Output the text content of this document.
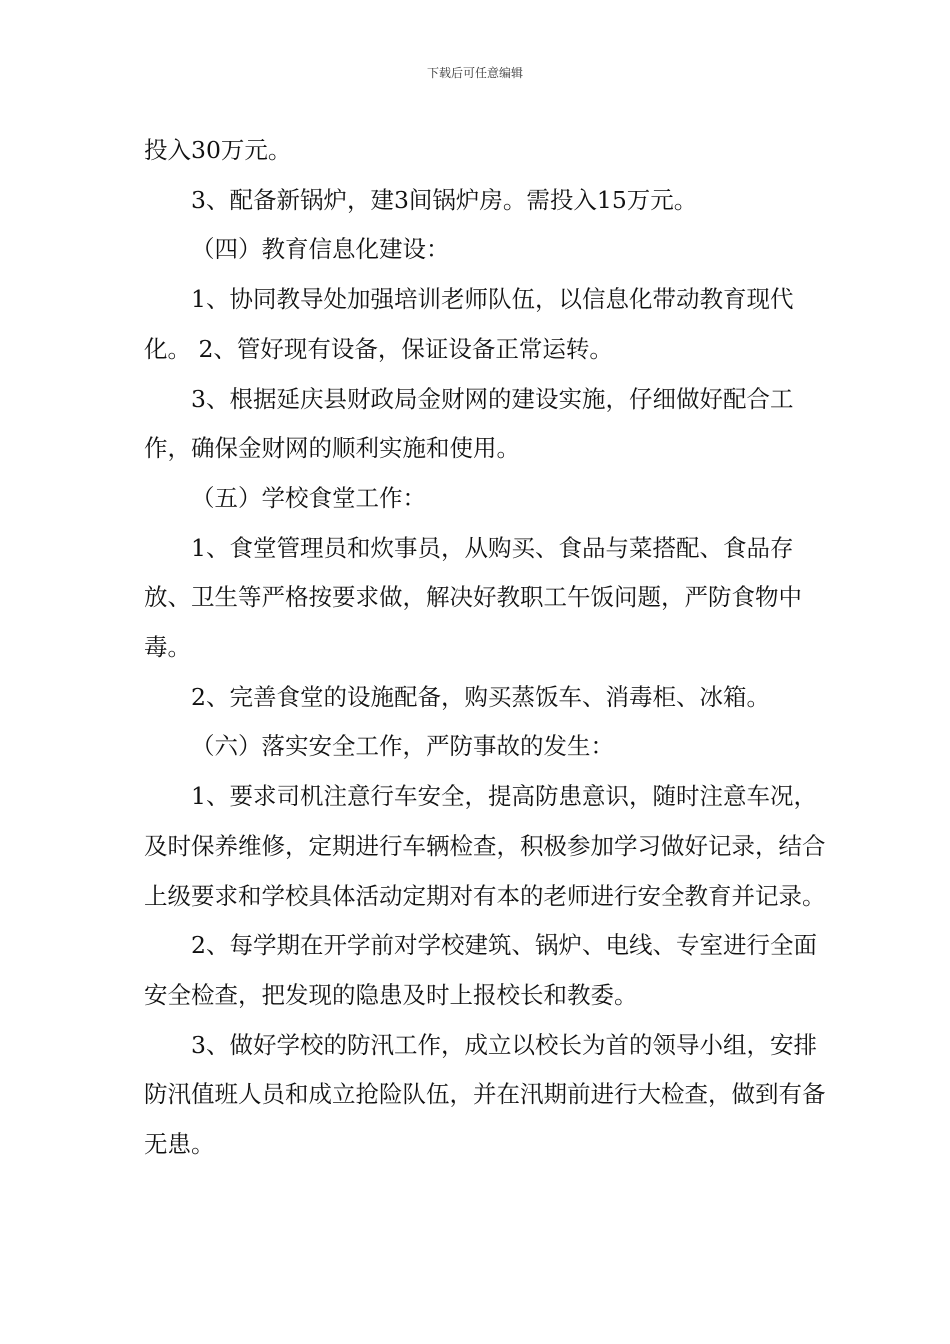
下载后可任意编辑

投入30万元。

3、配备新锅炉，建3间锅炉房。需投入15万元。

（四）教育信息化建设：

1、协同教导处加强培训老师队伍，以信息化带动教育现代化。 2、管好现有设备，保证设备正常运转。

3、根据延庆县财政局金财网的建设实施，仔细做好配合工作，确保金财网的顺利实施和使用。

（五）学校食堂工作：

1、食堂管理员和炊事员，从购买、食品与菜搭配、食品存放、卫生等严格按要求做，解决好教职工午饭问题，严防食物中毒。

2、完善食堂的设施配备，购买蒸饭车、消毒柜、冰箱。

（六）落实安全工作，严防事故的发生：

1、要求司机注意行车安全，提高防患意识，随时注意车况，及时保养维修，定期进行车辆检查，积极参加学习做好记录，结合上级要求和学校具体活动定期对有本的老师进行安全教育并记录。

2、每学期在开学前对学校建筑、锅炉、电线、专室进行全面安全检查，把发现的隐患及时上报校长和教委。

3、做好学校的防汛工作，成立以校长为首的领导小组，安排防汛值班人员和成立抢险队伍，并在汛期前进行大检查，做到有备无患。
